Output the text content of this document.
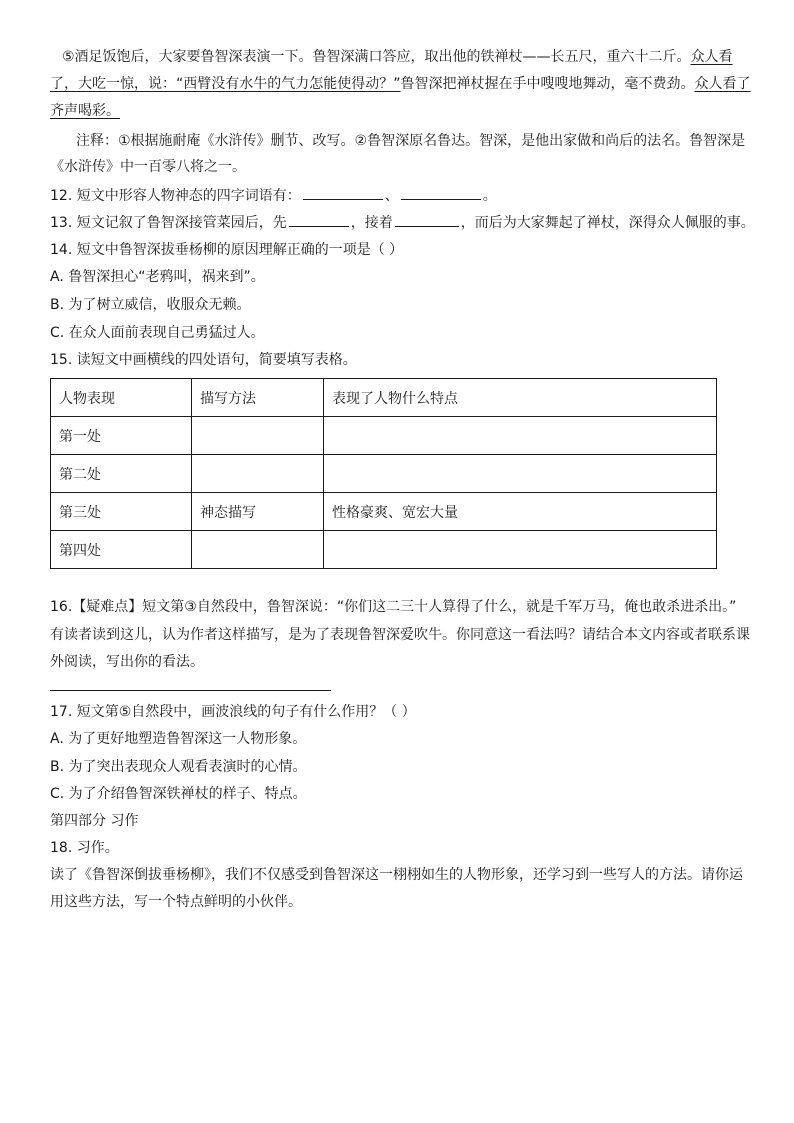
⑤酒足饭饱后，大家要鲁智深表演一下。鲁智深满口答应，取出他的铁禅杖——长五尺，重六十二斤。众人看
了，大吃一惊，说：“西臂没有水牛的气力怎能使得动？”鲁智深把禅杖握在手中嗖嗖地舞动，毫不费劲。众人看了
齐声喝彩。
注释：①根据施耐庵《水浒传》删节、改写。②鲁智深原名鲁达。智深，是他出家做和尚后的法名。鲁智深是
《水浒传》中一百零八将之一。
12. 短文中形容人物神态的四字词语有：	、	。
13. 短文记叙了鲁智深接管菜园后，先	，接着	，而后为大家舞起了禅杖，深得众人佩服的事。
14. 短文中鲁智深拔垂杨柳的原因理解正确的一项是（ ）
A. 鲁智深担心“老鸦叫，祸来到”。
B. 为了树立威信，收服众无赖。
C. 在众人面前表现自己勇猛过人。
15. 读短文中画横线的四处语句，简要填写表格。
人物表现	描写方法	表现了人物什么特点
第一处		
第二处		
第三处	神态描写	性格豪爽、宽宏大量
第四处		
16.【疑难点】短文第③自然段中，鲁智深说：“你们这二三十人算得了什么，就是千军万马，俺也敢杀进杀出。”
有读者读到这儿，认为作者这样描写，是为了表现鲁智深爱吹牛。你同意这一看法吗？请结合本文内容或者联系课
外阅读，写出你的看法。
17. 短文第⑤自然段中，画波浪线的句子有什么作用？（ ）
A. 为了更好地塑造鲁智深这一人物形象。
B. 为了突出表现众人观看表演时的心情。
C. 为了介绍鲁智深铁禅杖的样子、特点。
第四部分 习作
18. 习作。
读了《鲁智深倒拔垂杨柳》，我们不仅感受到鲁智深这一栩栩如生的人物形象，还学习到一些写人的方法。请你运
用这些方法，写一个特点鲜明的小伙伴。
